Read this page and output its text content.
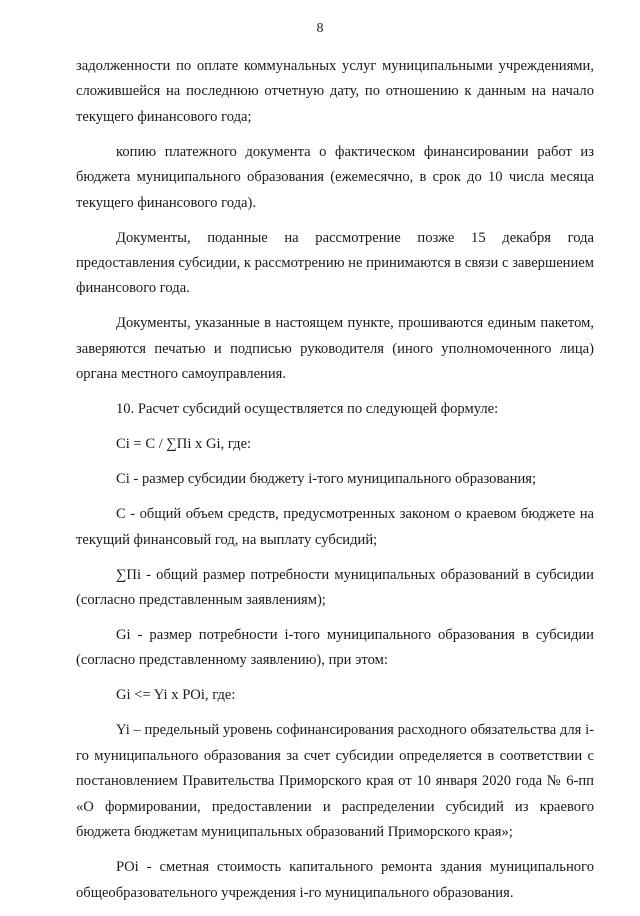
8

задолженности по оплате коммунальных услуг муниципальными учреждениями, сложившейся на последнюю отчетную дату, по отношению к данным на начало текущего финансового года;

копию платежного документа о фактическом финансировании работ из бюджета муниципального образования (ежемесячно, в срок до 10 числа месяца текущего финансового года).

Документы, поданные на рассмотрение позже 15 декабря года предоставления субсидии, к рассмотрению не принимаются в связи с завершением финансового года.

Документы, указанные в настоящем пункте, прошиваются единым пакетом, заверяются печатью и подписью руководителя (иного уполномоченного лица) органа местного самоуправления.

10. Расчет субсидий осуществляется по следующей формуле:

Ci = C / ∑Пi x Gi, где:

Ci - размер субсидии бюджету i-того муниципального образования;

C - общий объем средств, предусмотренных законом о краевом бюджете на текущий финансовый год, на выплату субсидий;

∑Пi - общий размер потребности муниципальных образований в субсидии (согласно представленным заявлениям);

Gi - размер потребности i-того муниципального образования в субсидии (согласно представленному заявлению), при этом:

Gi <= Yi x POi, где:

Yi – предельный уровень софинансирования расходного обязательства для i-го муниципального образования за счет субсидии определяется в соответствии с постановлением Правительства Приморского края от 10 января 2020 года № 6-пп «О формировании, предоставлении и распределении субсидий из краевого бюджета бюджетам муниципальных образований Приморского края»;

POi - сметная стоимость капитального ремонта здания муниципального общеобразовательного учреждения i-го муниципального образования.
